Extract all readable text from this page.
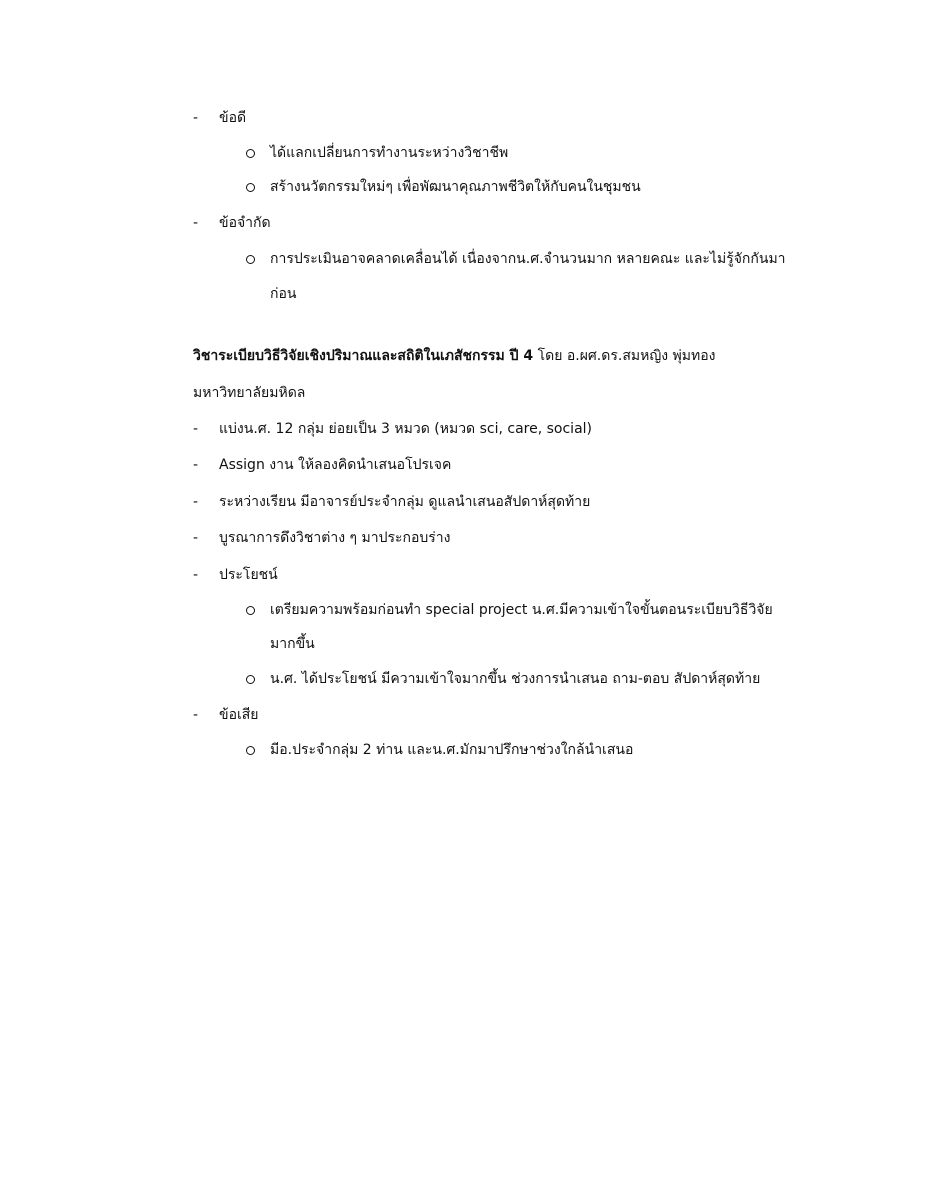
- ข้อดี
ได้แลกเปลี่ยนการทำงานระหว่างวิชาชีพ
สร้างนวัตกรรมใหม่ๆ เพื่อพัฒนาคุณภาพชีวิตให้กับคนในชุมชน
- ข้อจำกัด
การประเมินอาจคลาดเคลื่อนได้ เนื่องจากน.ศ.จำนวนมาก หลายคณะ และไม่รู้จักกันมา
ก่อน
วิชาระเบียบวิธีวิจัยเชิงปริมาณและสถิติในเภสัชกรรม ปี 4 โดย อ.ผศ.ดร.สมหญิง พุ่มทอง
มหาวิทยาลัยมหิดล
- แบ่งน.ศ. 12 กลุ่ม ย่อยเป็น 3 หมวด (หมวด sci, care, social)
- Assign งาน ให้ลองคิดนำเสนอโปรเจค
- ระหว่างเรียน มีอาจารย์ประจำกลุ่ม ดูแลนำเสนอสัปดาห์สุดท้าย
- บูรณาการดึงวิชาต่าง ๆ มาประกอบร่าง
- ประโยชน์
เตรียมความพร้อมก่อนทำ special project น.ศ.มีความเข้าใจขั้นตอนระเบียบวิธีวิจัย
มากขึ้น
น.ศ. ได้ประโยชน์ มีความเข้าใจมากขึ้น ช่วงการนำเสนอ ถาม-ตอบ สัปดาห์สุดท้าย
- ข้อเสีย
มีอ.ประจำกลุ่ม 2 ท่าน และน.ศ.มักมาปรึกษาช่วงใกล้นำเสนอ
